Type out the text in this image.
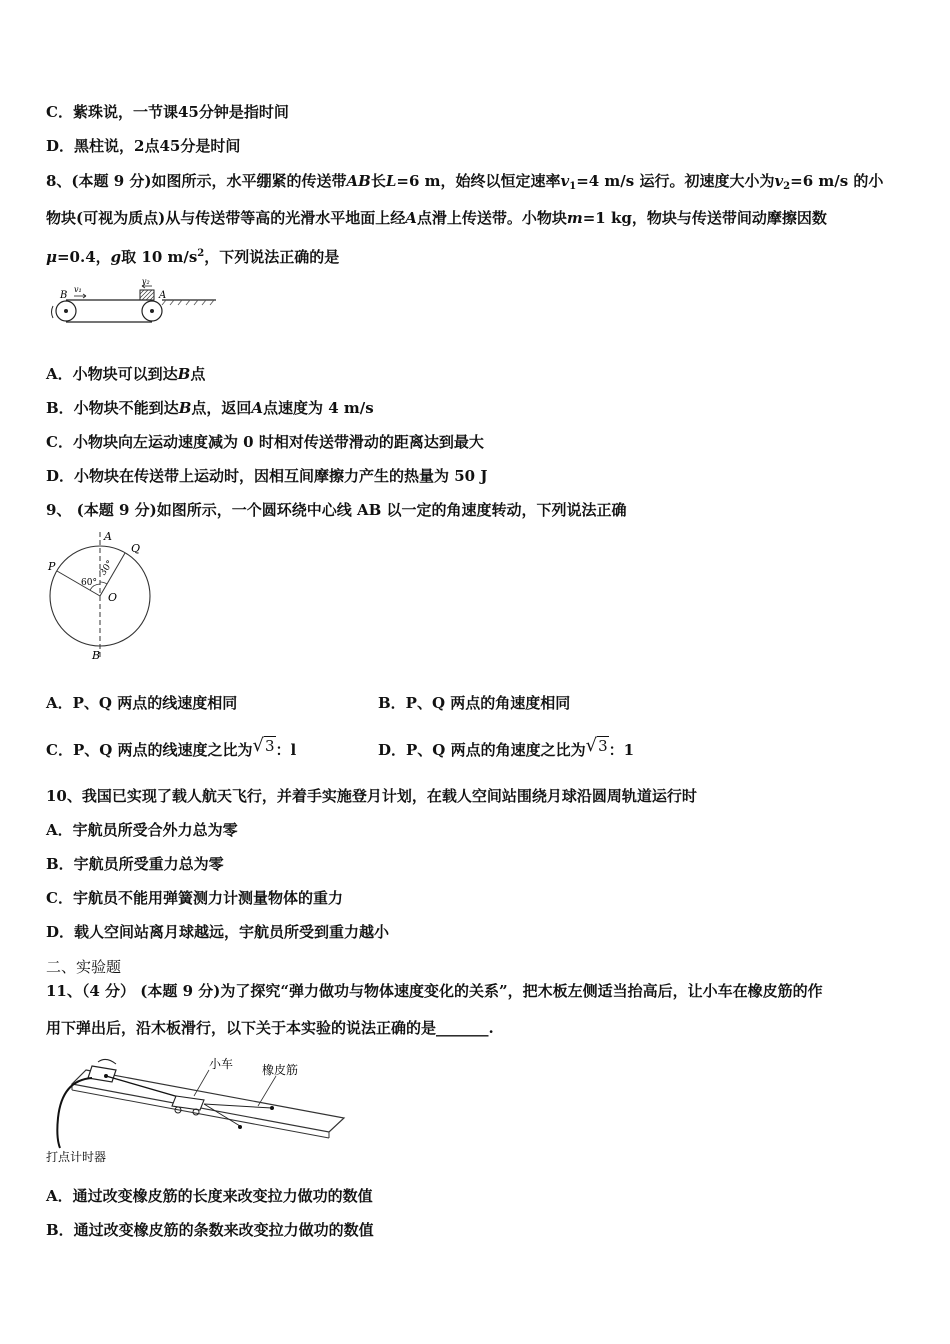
C．紫珠说，一节课45分钟是指时间
D．黑柱说，2点45分是时间
8、(本题 9 分)如图所示，水平绷紧的传送带AB长L=6 m，始终以恒定速率$v_1=4$ m/s 运行。初速度大小为$v_2=6$ m/s 的小
物块(可视为质点)从与传送带等高的光滑水平地面上经A点滑上传送带。小物块m=1 kg，物块与传送带间动摩擦因数
μ=0.4，g取 10 $m/s^2$，下列说法正确的是
B	A
v₁
v₂
A．小物块可以到达B点
B．小物块不能到达B点，返回A点速度为 4 m/s
C．小物块向左运动速度减为 0 时相对传送带滑动的距离达到最大
D．小物块在传送带上运动时，因相互间摩擦力产生的热量为 50 J
9、 (本题 9 分)如图所示，一个圆环绕中心线 AB 以一定的角速度转动，下列说法正确
A
B
P
Q
O
60°
30°
A．P、Q 两点的线速度相同	B．P、Q 两点的角速度相同
C．P、Q 两点的线速度之比为√3：l	D．P、Q 两点的角速度之比为√3：1
10、我国已实现了载人航天飞行，并着手实施登月计划，在载人空间站围绕月球沿圆周轨道运行时
A．宇航员所受合外力总为零
B．宇航员所受重力总为零
C．宇航员不能用弹簧测力计测量物体的重力
D．载人空间站离月球越远，宇航员所受到重力越小
二、实验题
11、（4 分） (本题 9 分)为了探究“弹力做功与物体速度变化的关系”，把木板左侧适当抬高后，让小车在橡皮筋的作
用下弹出后，沿木板滑行，以下关于本实验的说法正确的是_______.
小车 橡皮筋
打点计时器
A．通过改变橡皮筋的长度来改变拉力做功的数值
B．通过改变橡皮筋的条数来改变拉力做功的数值
